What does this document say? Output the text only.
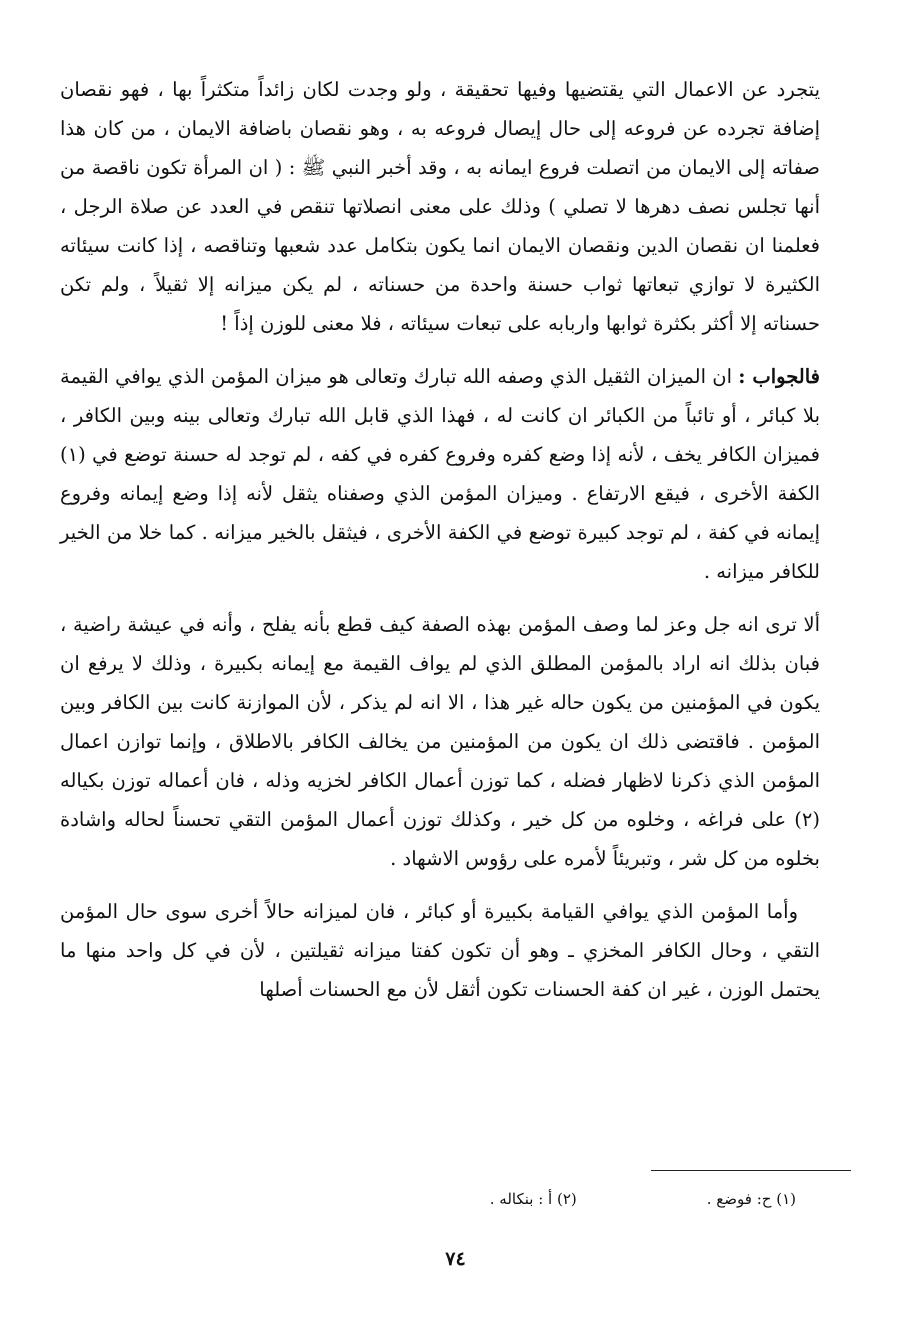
يتجرد عن الاعمال التي يقتضيها وفيها تحقيقة ، ولو وجدت لكان زائداً متكثراً بها ، فهو نقصان إضافة تجرده عن فروعه إلى حال إيصال فروعه به ، وهو نقصان باضافة الايمان ، من كان هذا صفاته إلى الايمان من اتصلت فروع ايمانه به ، وقد أخبر النبي ﷺ : ( ان المرأة تكون ناقصة من أنها تجلس نصف دهرها لا تصلي ) وذلك على معنى انصلاتها تنقص في العدد عن صلاة الرجل ، فعلمنا ان نقصان الدين ونقصان الايمان انما يكون بتكامل عدد شعبها وتناقصه ، إذا كانت سيئاته الكثيرة لا توازي تبعاتها ثواب حسنة واحدة من حسناته ، لم يكن ميزانه إلا ثقيلاً ، ولم تكن حسناته إلا أكثر بكثرة ثوابها واربابه على تبعات سيئاته ، فلا معنى للوزن إذاً !

فالجواب : ان الميزان الثقيل الذي وصفه الله تبارك وتعالى هو ميزان المؤمن الذي يوافي القيمة بلا كبائر ، أو تائباً من الكبائر ان كانت له ، فهذا الذي قابل الله تبارك وتعالى بينه وبين الكافر ، فميزان الكافر يخف ، لأنه إذا وضع كفره وفروع كفره في كفه ، لم توجد له حسنة توضع في (١) الكفة الأخرى ، فيقع الارتفاع . وميزان المؤمن الذي وصفناه يثقل لأنه إذا وضع إيمانه وفروع إيمانه في كفة ، لم توجد كبيرة توضع في الكفة الأخرى ، فيثقل بالخير ميزانه . كما خلا من الخير للكافر ميزانه .

ألا ترى انه جل وعز لما وصف المؤمن بهذه الصفة كيف قطع بأنه يفلح ، وأنه في عيشة راضية ، فبان بذلك انه اراد بالمؤمن المطلق الذي لم يواف القيمة مع إيمانه بكبيرة ، وذلك لا يرفع ان يكون في المؤمنين من يكون حاله غير هذا ، الا انه لم يذكر ، لأن الموازنة كانت بين الكافر وبين المؤمن . فاقتضى ذلك ان يكون من المؤمنين من يخالف الكافر بالاطلاق ، وإنما توازن اعمال المؤمن الذي ذكرنا لاظهار فضله ، كما توزن أعمال الكافر لخزيه وذله ، فان أعماله توزن بكياله (٢) على فراغه ، وخلوه من كل خير ، وكذلك توزن أعمال المؤمن التقي تحسناً لحاله واشادة بخلوه من كل شر ، وتبريئاً لأمره على رؤوس الاشهاد .

وأما المؤمن الذي يوافي القيامة بكبيرة أو كبائر ، فان لميزانه حالاً أخرى سوى حال المؤمن التقي ، وحال الكافر المخزي ـ وهو أن تكون كفتا ميزانه ثقيلتين ، لأن في كل واحد منها ما يحتمل الوزن ، غير ان كفة الحسنات تكون أثقل لأن مع الحسنات أصلها

(١) ح: فوضع .
(٢) أ : بنكاله .
٧٤
